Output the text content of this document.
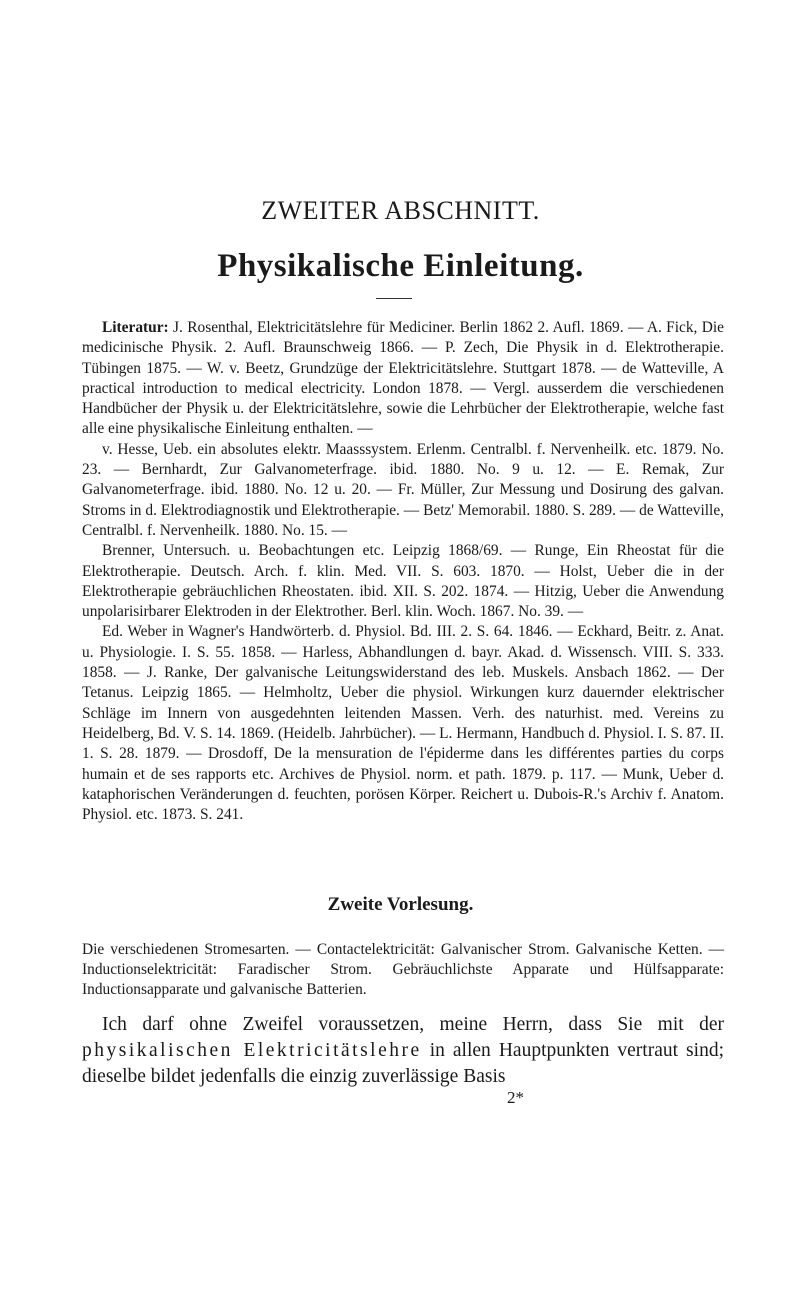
ZWEITER ABSCHNITT.
Physikalische Einleitung.

Literatur: J. Rosenthal, Elektricitätslehre für Mediciner. Berlin 1862 2. Aufl. 1869. — A. Fick, Die medicinische Physik. 2. Aufl. Braunschweig 1866. — P. Zech, Die Physik in d. Elektrotherapie. Tübingen 1875. — W. v. Beetz, Grundzüge der Elektricitätslehre. Stuttgart 1878. — de Watteville, A practical introduction to medical electricity. London 1878. — Vergl. ausserdem die verschiedenen Handbücher der Physik u. der Elektricitätslehre, sowie die Lehrbücher der Elektrotherapie, welche fast alle eine physikalische Einleitung enthalten. —

v. Hesse, Ueb. ein absolutes elektr. Maasssystem. Erlenm. Centralbl. f. Nervenheilk. etc. 1879. No. 23. — Bernhardt, Zur Galvanometerfrage. ibid. 1880. No. 9 u. 12. — E. Remak, Zur Galvanometerfrage. ibid. 1880. No. 12 u. 20. — Fr. Müller, Zur Messung und Dosirung des galvan. Stroms in d. Elektrodiagnostik und Elektrotherapie. — Betz' Memorabil. 1880. S. 289. — de Watteville, Centralbl. f. Nervenheilk. 1880. No. 15. —

Brenner, Untersuch. u. Beobachtungen etc. Leipzig 1868/69. — Runge, Ein Rheostat für die Elektrotherapie. Deutsch. Arch. f. klin. Med. VII. S. 603. 1870. — Holst, Ueber die in der Elektrotherapie gebräuchlichen Rheostaten. ibid. XII. S. 202. 1874. — Hitzig, Ueber die Anwendung unpolarisirbarer Elektroden in der Elektrother. Berl. klin. Woch. 1867. No. 39. —

Ed. Weber in Wagner's Handwörterb. d. Physiol. Bd. III. 2. S. 64. 1846. — Eckhard, Beitr. z. Anat. u. Physiologie. I. S. 55. 1858. — Harless, Abhandlungen d. bayr. Akad. d. Wissensch. VIII. S. 333. 1858. — J. Ranke, Der galvanische Leitungswiderstand des leb. Muskels. Ansbach 1862. — Der Tetanus. Leipzig 1865. — Helmholtz, Ueber die physiol. Wirkungen kurz dauernder elektrischer Schläge im Innern von ausgedehnten leitenden Massen. Verh. des naturhist. med. Vereins zu Heidelberg, Bd. V. S. 14. 1869. (Heidelb. Jahrbücher). — L. Hermann, Handbuch d. Physiol. I. S. 87. II. 1. S. 28. 1879. — Drosdoff, De la mensuration de l'épiderme dans les différentes parties du corps humain et de ses rapports etc. Archives de Physiol. norm. et path. 1879. p. 117. — Munk, Ueber d. kataphorischen Veränderungen d. feuchten, porösen Körper. Reichert u. Dubois-R.'s Archiv f. Anatom. Physiol. etc. 1873. S. 241.

Zweite Vorlesung.

Die verschiedenen Stromesarten. — Contactelektricität: Galvanischer Strom. Galvanische Ketten. — Inductionselektricität: Faradischer Strom. Gebräuchlichste Apparate und Hülfsapparate: Inductionsapparate und galvanische Batterien.

Ich darf ohne Zweifel voraussetzen, meine Herrn, dass Sie mit der physikalischen Elektricitätslehre in allen Hauptpunkten vertraut sind; dieselbe bildet jedenfalls die einzig zuverlässige Basis

2*
